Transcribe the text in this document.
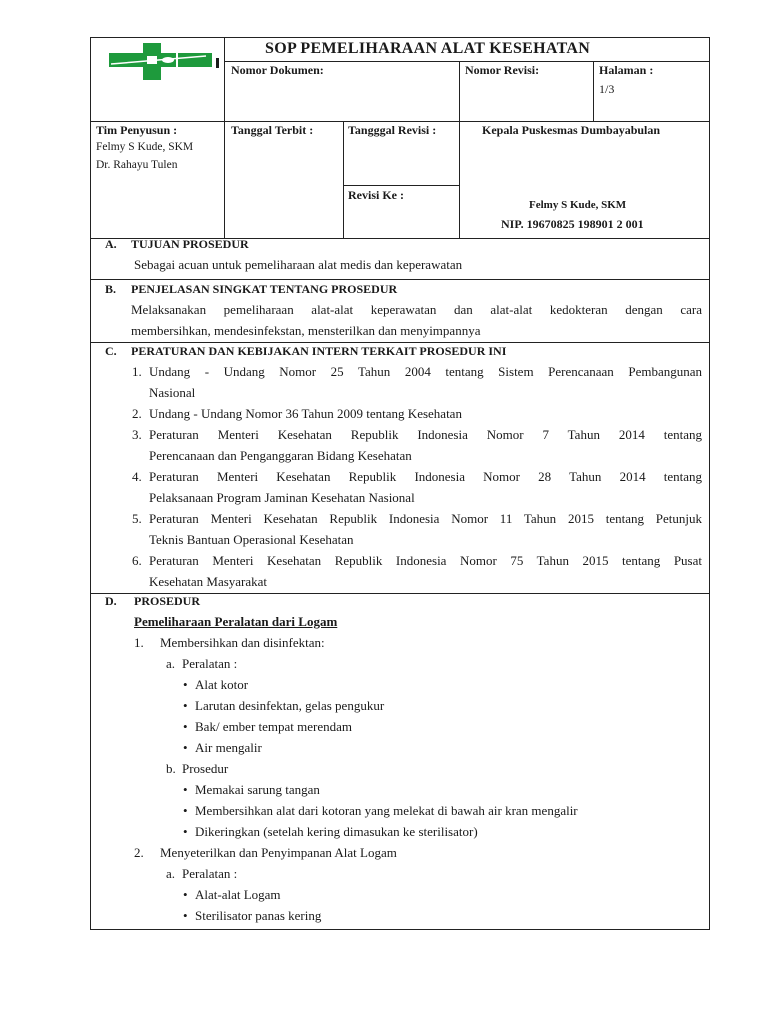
SOP PEMELIHARAAN ALAT KESEHATAN
Nomor Dokumen:	Nomor Revisi:	Halaman :
1/3
Tim Penyusun :
Felmy S Kude, SKM
Dr. Rahayu Tulen
Tanggal Terbit :	Tangggal Revisi :
Revisi Ke :
Kepala Puskesmas Dumbayabulan
Felmy S Kude, SKM
NIP. 19670825 198901 2 001
A. TUJUAN PROSEDUR
Sebagai acuan untuk pemeliharaan alat medis dan keperawatan
B. PENJELASAN SINGKAT TENTANG PROSEDUR
Melaksanakan pemeliharaan alat-alat keperawatan dan alat-alat kedokteran dengan cara
membersihkan, mendesinfekstan, mensterilkan dan menyimpannya
C. PERATURAN DAN KEBIJAKAN INTERN TERKAIT PROSEDUR INI
1. Undang - Undang Nomor 25 Tahun 2004 tentang Sistem Perencanaan Pembangunan
Nasional
2. Undang - Undang Nomor 36 Tahun 2009 tentang Kesehatan
3. Peraturan Menteri Kesehatan Republik Indonesia Nomor 7 Tahun 2014 tentang
Perencanaan dan Penganggaran Bidang Kesehatan
4. Peraturan Menteri Kesehatan Republik Indonesia Nomor 28 Tahun 2014 tentang
Pelaksanaan Program Jaminan Kesehatan Nasional
5. Peraturan Menteri Kesehatan Republik Indonesia Nomor 11 Tahun 2015 tentang Petunjuk
Teknis Bantuan Operasional Kesehatan
6. Peraturan Menteri Kesehatan Republik Indonesia Nomor 75 Tahun 2015 tentang Pusat
Kesehatan Masyarakat
D. PROSEDUR
Pemeliharaan Peralatan dari Logam
1. Membersihkan dan disinfektan:
a. Peralatan :
• Alat kotor
• Larutan desinfektan, gelas pengukur
• Bak/ ember tempat merendam
• Air mengalir
b. Prosedur
• Memakai sarung tangan
• Membersihkan alat dari kotoran yang melekat di bawah air kran mengalir
• Dikeringkan (setelah kering dimasukan ke sterilisator)
2. Menyeterilkan dan Penyimpanan Alat Logam
a. Peralatan :
• Alat-alat Logam
• Sterilisator panas kering
